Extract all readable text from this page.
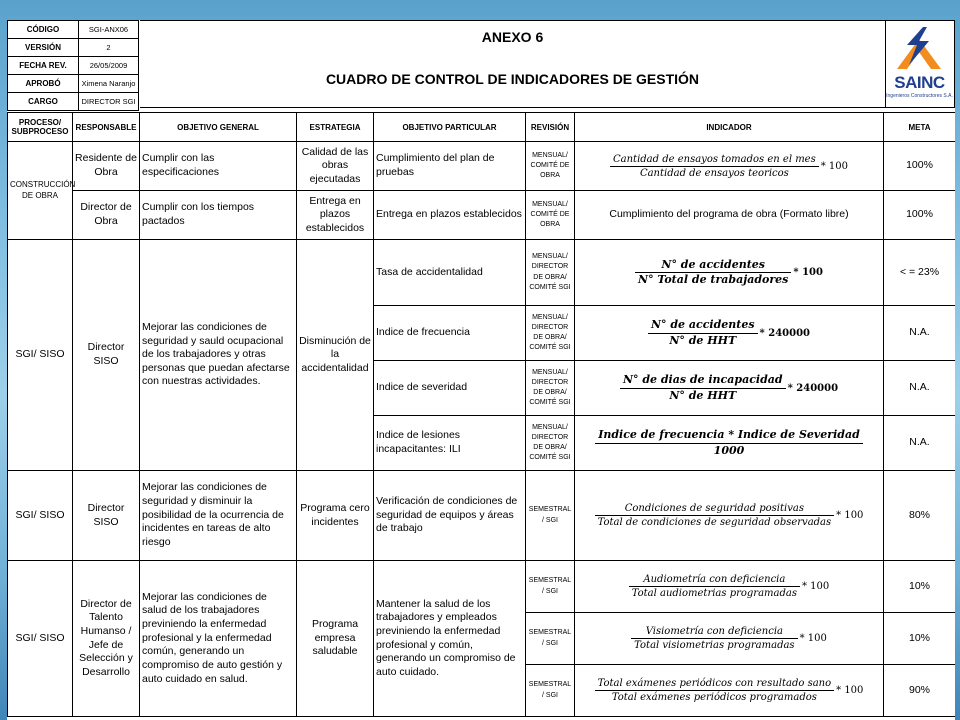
CÓDIGO	SGI-ANX06
VERSIÓN	2
FECHA REV.	26/05/2009
APROBÓ	Ximena Naranjo
CARGO	DIRECTOR SGI
ANEXO 6
CUADRO DE CONTROL DE INDICADORES DE GESTIÓN	SAINC
Ingenieros Constructores S.A.
PROCESO/ SUBPROCESO	RESPONSABLE	OBJETIVO GENERAL	ESTRATEGIA	OBJETIVO PARTICULAR	REVISIÓN	INDICADOR	META
CONSTRUCCIÓN DE OBRA	Residente de Obra	Cumplir con las especificaciones	Calidad de las obras ejecutadas	Cumplimiento del plan de pruebas	MENSUAL/ COMITÉ DE OBRA	$\frac{\text{Cantidad de ensayos tomados en el mes}}{\text{Cantidad de ensayos teoricos}} * 100$	100%
	Director de Obra	Cumplir con los tiempos pactados	Entrega en plazos establecidos	Entrega en plazos establecidos	MENSUAL/ COMITÉ DE OBRA	Cumplimiento del programa de obra (Formato libre)	100%
SGI/ SISO	Director SISO	Mejorar las condiciones de seguridad y sauld ocupacional de los trabajadores y otras personas que puedan afectarse con nuestras actividades.	Disminución de la accidentalidad	Tasa de accidentalidad	MENSUAL/ DIRECTOR DE OBRA/ COMITÉ SGI	$\frac{\text{N° de accidentes}}{\text{N° Total de trabajadores}} * 100$	< = 23%
				Indice de frecuencia	MENSUAL/ DIRECTOR DE OBRA/ COMITÉ SGI	$\frac{\text{N° de accidentes}}{\text{N° de HHT}} * 240000$	N.A.
				Indice de severidad	MENSUAL/ DIRECTOR DE OBRA/ COMITÉ SGI	$\frac{\text{N° de dias de incapacidad}}{\text{N° de HHT}} * 240000$	N.A.
				Indice de lesiones incapacitantes: ILI	MENSUAL/ DIRECTOR DE OBRA/ COMITÉ SGI	$\frac{\text{Indice de frecuencia * Indice de Severidad}}{1000}$	N.A.
SGI/ SISO	Director SISO	Mejorar las condiciones de seguridad y disminuir la posibilidad de la ocurrencia de incidentes en tareas de alto riesgo	Programa cero incidentes	Verificación de condiciones de seguridad de equipos y áreas de trabajo	SEMESTRAL / SGI	$\frac{\text{Condiciones de seguridad positivas}}{\text{Total de condiciones de seguridad observadas}} * 100$	80%
SGI/ SISO	Director de Talento Humanso / Jefe de Selección y Desarrollo	Mejorar las condiciones de salud de los trabajadores previniendo la enfermedad profesional y la enfermedad común, generando un compromiso de auto gestión y auto cuidado en salud.	Programa empresa saludable	Mantener la salud de los trabajadores y empleados previniendo la enfermedad profesional y común, generando un compromiso de auto cuidado.	SEMESTRAL / SGI	$\frac{\text{Audiometría con deficiencia}}{\text{Total audiometrias programadas}} * 100$	10%
					SEMESTRAL / SGI	$\frac{\text{Visiometría con deficiencia}}{\text{Total visiometrias programadas}} * 100$	10%
					SEMESTRAL / SGI	$\frac{\text{Total exámenes periódicos con resultado sano}}{\text{Total exámenes periódicos programados}} * 100$	90%
